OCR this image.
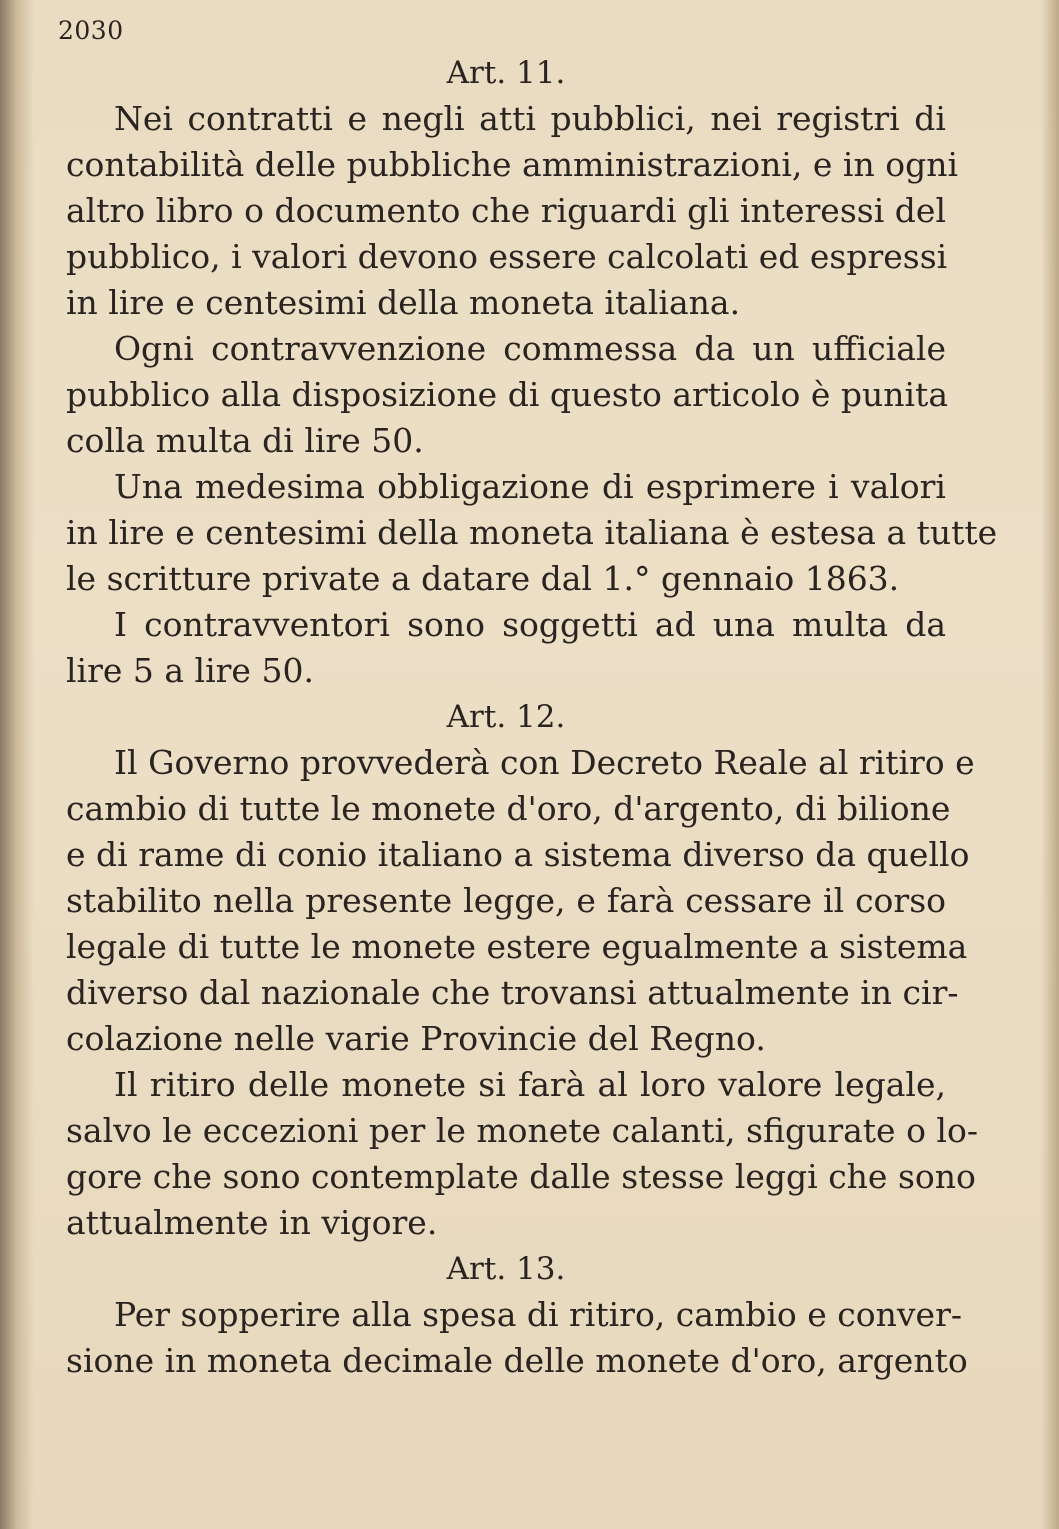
2030
Art. 11.
Nei contratti e negli atti pubblici, nei registri di
contabilità delle pubbliche amministrazioni, e in ogni
altro libro o documento che riguardi gli interessi del
pubblico, i valori devono essere calcolati ed espressi
in lire e centesimi della moneta italiana.
Ogni contravvenzione commessa da un ufficiale
pubblico alla disposizione di questo articolo è punita
colla multa di lire 50.
Una medesima obbligazione di esprimere i valori
in lire e centesimi della moneta italiana è estesa a tutte
le scritture private a datare dal 1.° gennaio 1863.
I contravventori sono soggetti ad una multa da
lire 5 a lire 50.
Art. 12.
Il Governo provvederà con Decreto Reale al ritiro e
cambio di tutte le monete d'oro, d'argento, di bilione
e di rame di conio italiano a sistema diverso da quello
stabilito nella presente legge, e farà cessare il corso
legale di tutte le monete estere egualmente a sistema
diverso dal nazionale che trovansi attualmente in cir-
colazione nelle varie Provincie del Regno.
Il ritiro delle monete si farà al loro valore legale,
salvo le eccezioni per le monete calanti, sfigurate o lo-
gore che sono contemplate dalle stesse leggi che sono
attualmente in vigore.
Art. 13.
Per sopperire alla spesa di ritiro, cambio e conver-
sione in moneta decimale delle monete d'oro, argento
